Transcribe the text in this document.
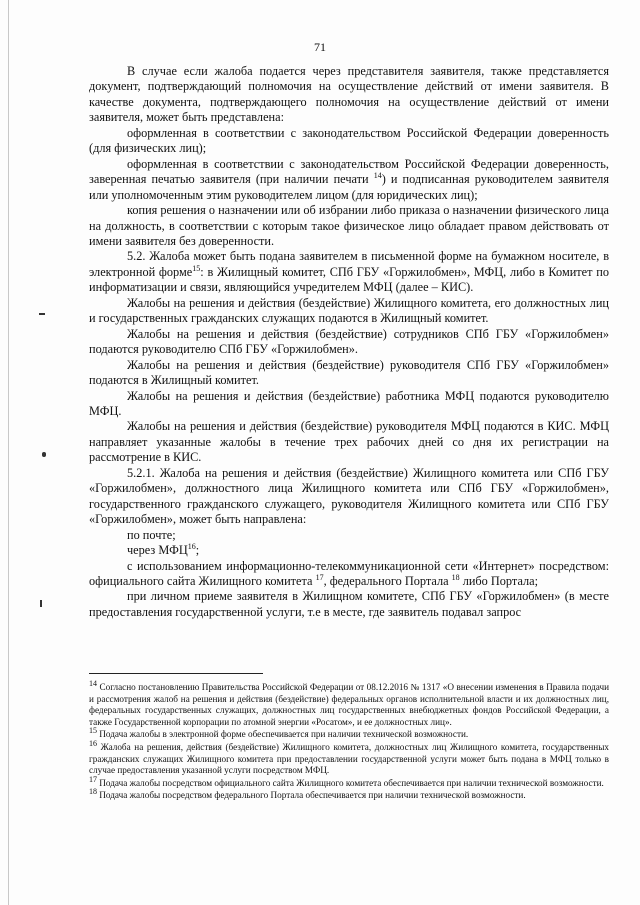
71

В случае если жалоба подается через представителя заявителя, также представляется документ, подтверждающий полномочия на осуществление действий от имени заявителя. В качестве документа, подтверждающего полномочия на осуществление действий от имени заявителя, может быть представлена:

оформленная в соответствии с законодательством Российской Федерации доверенность (для физических лиц);

оформленная в соответствии с законодательством Российской Федерации доверенность, заверенная печатью заявителя (при наличии печати $^{14}$) и подписанная руководителем заявителя или уполномоченным этим руководителем лицом (для юридических лиц);

копия решения о назначении или об избрании либо приказа о назначении физического лица на должность, в соответствии с которым такое физическое лицо обладает правом действовать от имени заявителя без доверенности.

5.2. Жалоба может быть подана заявителем в письменной форме на бумажном носителе, в электронной форме$^{15}$: в Жилищный комитет, СПб ГБУ «Горжилобмен», МФЦ, либо в Комитет по информатизации и связи, являющийся учредителем МФЦ (далее – КИС).

Жалобы на решения и действия (бездействие) Жилищного комитета, его должностных лиц и государственных гражданских служащих подаются в Жилищный комитет.

Жалобы на решения и действия (бездействие) сотрудников СПб ГБУ «Горжилобмен» подаются руководителю СПб ГБУ «Горжилобмен».

Жалобы на решения и действия (бездействие) руководителя СПб ГБУ «Горжилобмен» подаются в Жилищный комитет.

Жалобы на решения и действия (бездействие) работника МФЦ подаются руководителю МФЦ.

Жалобы на решения и действия (бездействие) руководителя МФЦ подаются в КИС. МФЦ направляет указанные жалобы в течение трех рабочих дней со дня их регистрации на рассмотрение в КИС.

5.2.1. Жалоба на решения и действия (бездействие) Жилищного комитета или СПб ГБУ «Горжилобмен», должностного лица Жилищного комитета или СПб ГБУ «Горжилобмен», государственного гражданского служащего, руководителя Жилищного комитета или СПб ГБУ «Горжилобмен», может быть направлена:

по почте;

через МФЦ$^{16}$;

с использованием информационно-телекоммуникационной сети «Интернет» посредством: официального сайта Жилищного комитета $^{17}$, федерального Портала $^{18}$ либо Портала;

при личном приеме заявителя в Жилищном комитете, СПб ГБУ «Горжилобмен» (в месте предоставления государственной услуги, т.е в месте, где заявитель подавал запрос

$^{14}$ Согласно постановлению Правительства Российской Федерации от 08.12.2016 № 1317 «О внесении изменения в Правила подачи и рассмотрения жалоб на решения и действия (бездействие) федеральных органов исполнительной власти и их должностных лиц, федеральных государственных служащих, должностных лиц государственных внебюджетных фондов Российской Федерации, а также Государственной корпорации по атомной энергии «Росатом», и ее должностных лиц».

$^{15}$ Подача жалобы в электронной форме обеспечивается при наличии технической возможности.

$^{16}$ Жалоба на решения, действия (бездействие) Жилищного комитета, должностных лиц Жилищного комитета, государственных гражданских служащих Жилищного комитета при предоставлении государственной услуги может быть подана в МФЦ только в случае предоставления указанной услуги посредством МФЦ.

$^{17}$ Подача жалобы посредством официального сайта Жилищного комитета обеспечивается при наличии технической возможности.

$^{18}$ Подача жалобы посредством федерального Портала обеспечивается при наличии технической возможности.
